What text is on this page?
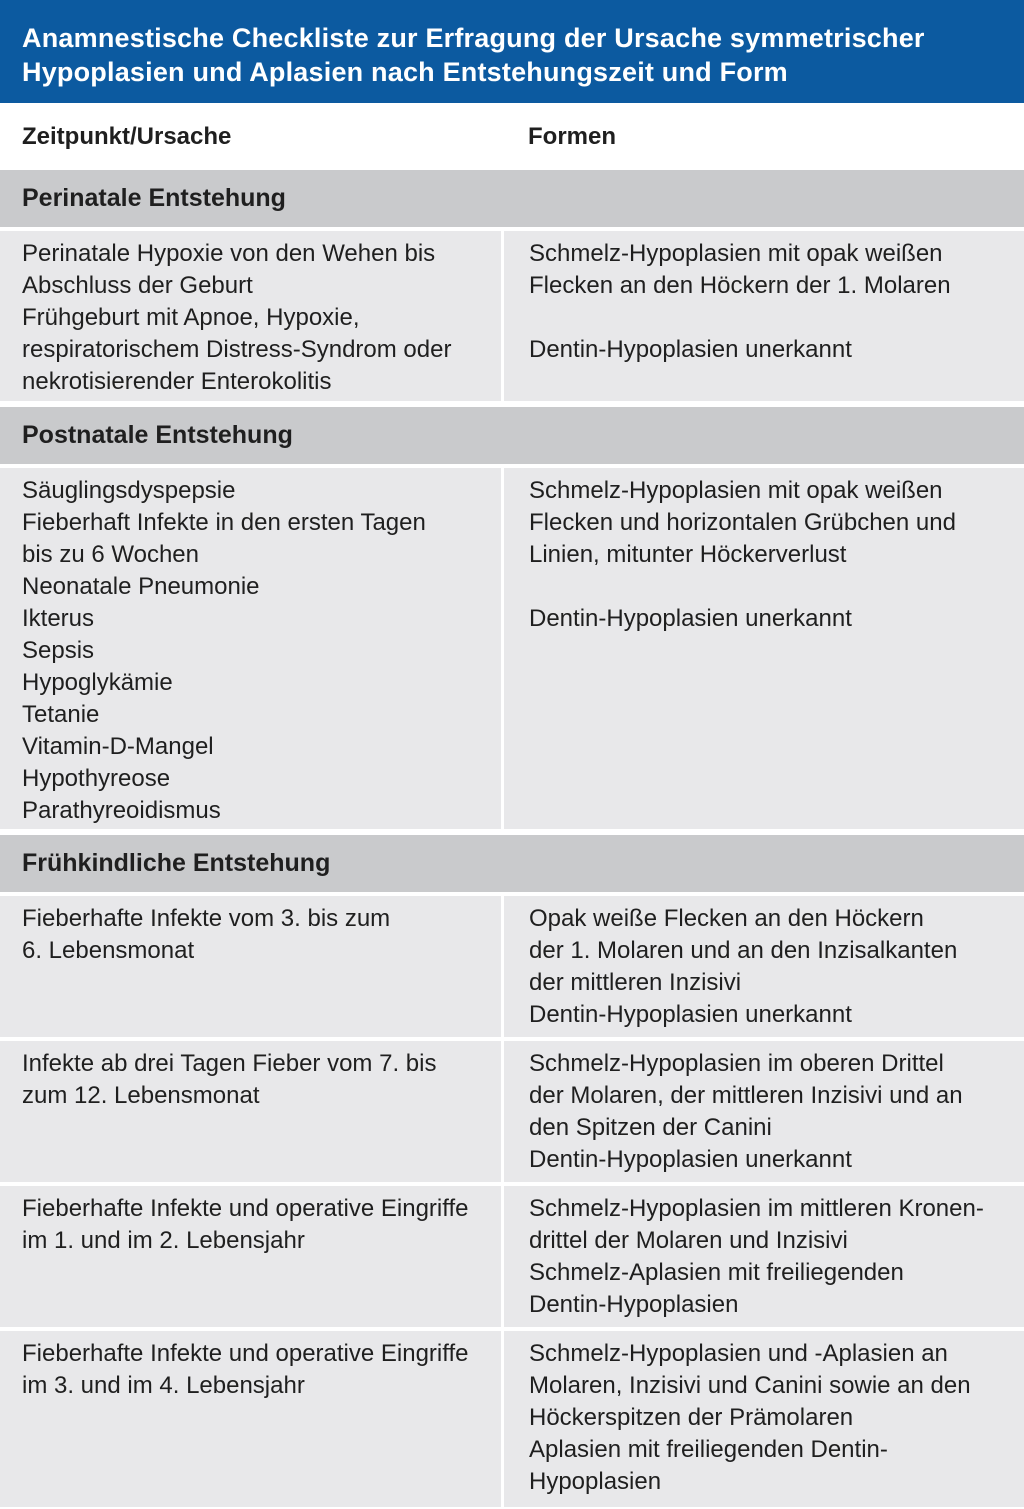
Anamnestische Checkliste zur Erfragung der Ursache symmetrischer
Hypoplasien und Aplasien nach Entstehungszeit und Form
Zeitpunkt/Ursache	Formen
Perinatale Entstehung
Perinatale Hypoxie von den Wehen bis
Abschluss der Geburt
Frühgeburt mit Apnoe, Hypoxie,
respiratorischem Distress-Syndrom oder
nekrotisierender Enterokolitis
Schmelz-Hypoplasien mit opak weißen
Flecken an den Höckern der 1. Molaren
Dentin-Hypoplasien unerkannt
Postnatale Entstehung
Säuglingsdyspepsie
Fieberhaft Infekte in den ersten Tagen
bis zu 6 Wochen
Neonatale Pneumonie
Ikterus
Sepsis
Hypoglykämie
Tetanie
Vitamin-D-Mangel
Hypothyreose
Parathyreoidismus
Schmelz-Hypoplasien mit opak weißen
Flecken und horizontalen Grübchen und
Linien, mitunter Höckerverlust
Dentin-Hypoplasien unerkannt
Frühkindliche Entstehung
Fieberhafte Infekte vom 3. bis zum
6. Lebensmonat
Opak weiße Flecken an den Höckern
der 1. Molaren und an den Inzisalkanten
der mittleren Inzisivi
Dentin-Hypoplasien unerkannt
Infekte ab drei Tagen Fieber vom 7. bis
zum 12. Lebensmonat
Schmelz-Hypoplasien im oberen Drittel
der Molaren, der mittleren Inzisivi und an
den Spitzen der Canini
Dentin-Hypoplasien unerkannt
Fieberhafte Infekte und operative Eingriffe
im 1. und im 2. Lebensjahr
Schmelz-Hypoplasien im mittleren Kronen-
drittel der Molaren und Inzisivi
Schmelz-Aplasien mit freiliegenden
Dentin-Hypoplasien
Fieberhafte Infekte und operative Eingriffe
im 3. und im 4. Lebensjahr
Schmelz-Hypoplasien und -Aplasien an
Molaren, Inzisivi und Canini sowie an den
Höckerspitzen der Prämolaren
Aplasien mit freiliegenden Dentin-
Hypoplasien
